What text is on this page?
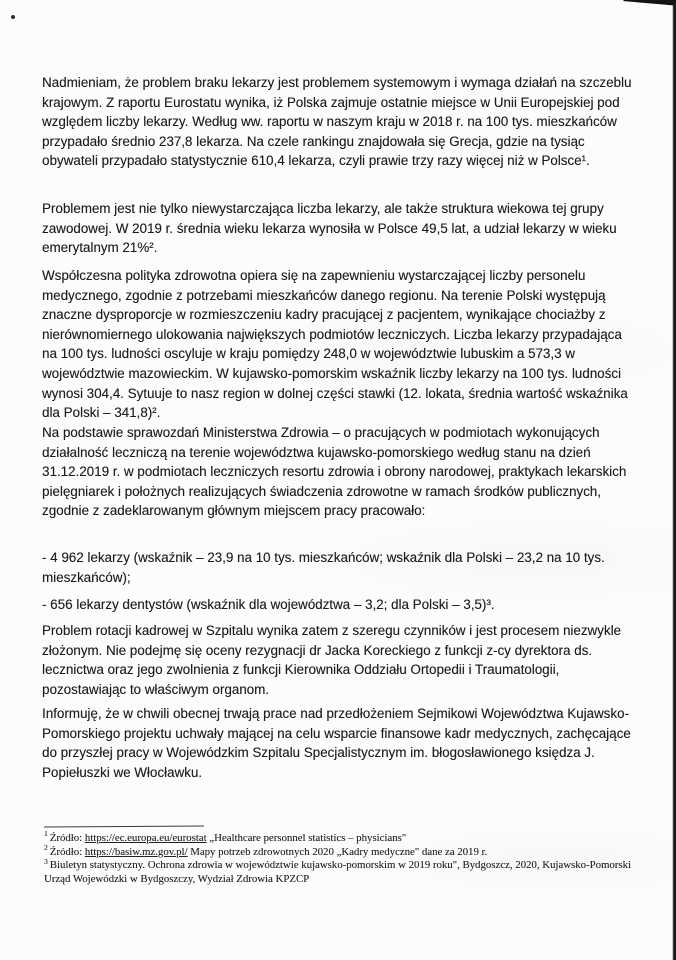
Nadmieniam, że problem braku lekarzy jest problemem systemowym i wymaga działań na szczeblu krajowym. Z raportu Eurostatu wynika, iż Polska zajmuje ostatnie miejsce w Unii Europejskiej pod względem liczby lekarzy. Według ww. raportu w naszym kraju w 2018 r. na 100 tys. mieszkańców przypadało średnio 237,8 lekarza. Na czele rankingu znajdowała się Grecja, gdzie na tysiąc obywateli przypadało statystycznie 610,4 lekarza, czyli prawie trzy razy więcej niż w Polsce¹.

Problemem jest nie tylko niewystarczająca liczba lekarzy, ale także struktura wiekowa tej grupy zawodowej. W 2019 r. średnia wieku lekarza wynosiła w Polsce 49,5 lat, a udział lekarzy w wieku emerytalnym 21%².

Współczesna polityka zdrowotna opiera się na zapewnieniu wystarczającej liczby personelu medycznego, zgodnie z potrzebami mieszkańców danego regionu. Na terenie Polski występują znaczne dysproporcje w rozmieszczeniu kadry pracującej z pacjentem, wynikające chociażby z nierównomiernego ulokowania największych podmiotów leczniczych. Liczba lekarzy przypadająca na 100 tys. ludności oscyluje w kraju pomiędzy 248,0 w województwie lubuskim a 573,3 w województwie mazowieckim. W kujawsko-pomorskim wskaźnik liczby lekarzy na 100 tys. ludności wynosi 304,4. Sytuuje to nasz region w dolnej części stawki (12. lokata, średnia wartość wskaźnika dla Polski – 341,8)².

Na podstawie sprawozdań Ministerstwa Zdrowia – o pracujących w podmiotach wykonujących działalność leczniczą na terenie województwa kujawsko-pomorskiego według stanu na dzień 31.12.2019 r. w podmiotach leczniczych resortu zdrowia i obrony narodowej, praktykach lekarskich pielęgniarek i położnych realizujących świadczenia zdrowotne w ramach środków publicznych, zgodnie z zadeklarowanym głównym miejscem pracy pracowało:

- 4 962 lekarzy (wskaźnik – 23,9 na 10 tys. mieszkańców; wskaźnik dla Polski – 23,2 na 10 tys. mieszkańców);

- 656 lekarzy dentystów (wskaźnik dla województwa – 3,2; dla Polski – 3,5)³.

Problem rotacji kadrowej w Szpitalu wynika zatem z szeregu czynników i jest procesem niezwykle złożonym. Nie podejmę się oceny rezygnacji dr Jacka Koreckiego z funkcji z-cy dyrektora ds. lecznictwa oraz jego zwolnienia z funkcji Kierownika Oddziału Ortopedii i Traumatologii, pozostawiając to właściwym organom.

Informuję, że w chwili obecnej trwają prace nad przedłożeniem Sejmikowi Województwa Kujawsko-Pomorskiego projektu uchwały mającej na celu wsparcie finansowe kadr medycznych, zachęcające do przyszłej pracy w Wojewódzkim Szpitalu Specjalistycznym im. błogosławionego księdza J. Popiełuszki we Włocławku.

$^1$ Źródło: https://ec.europa.eu/eurostat „Healthcare personnel statistics – physicians"
$^2$ Źródło: https://basiw.mz.gov.pl/ Mapy potrzeb zdrowotnych 2020 „Kadry medyczne" dane za 2019 r.
$^3$ Biuletyn statystyczny. Ochrona zdrowia w województwie kujawsko-pomorskim w 2019 roku", Bydgoszcz, 2020, Kujawsko-Pomorski Urząd Wojewódzki w Bydgoszczy, Wydział Zdrowia KPZCP
